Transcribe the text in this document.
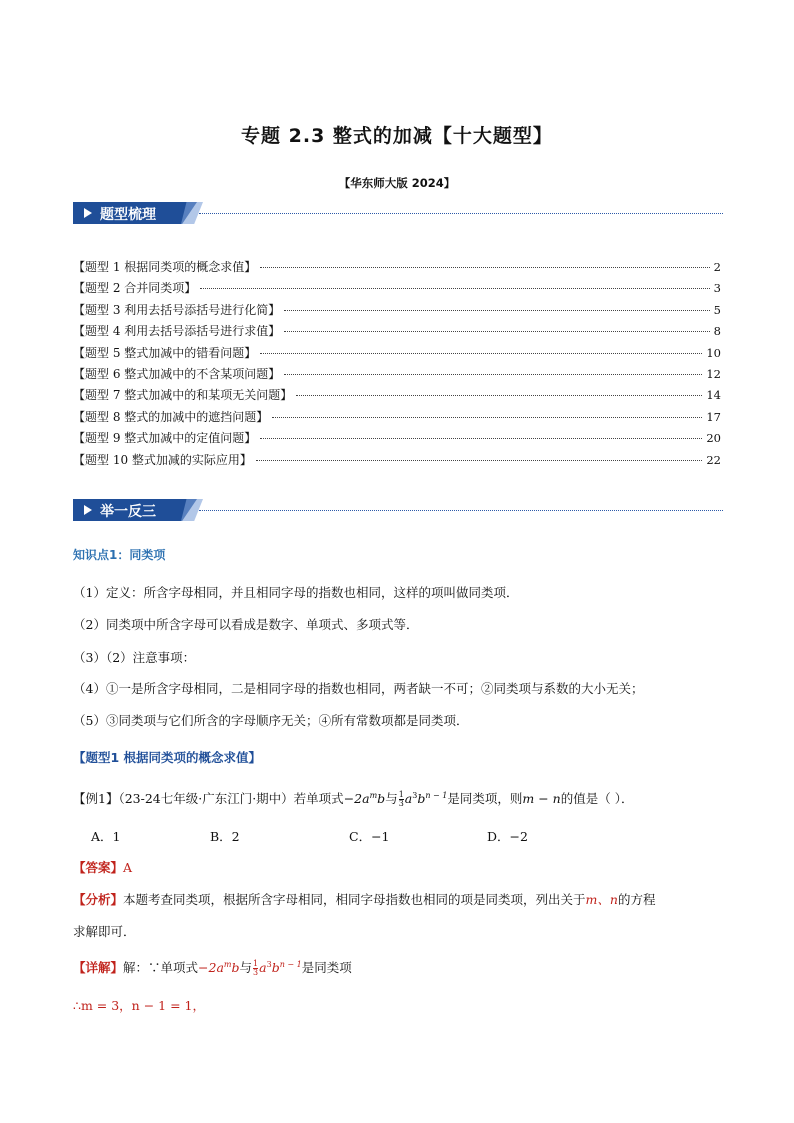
专题 2.3 整式的加减【十大题型】
【华东师大版 2024】
题型梳理
【题型 1 根据同类项的概念求值】	2
【题型 2 合并同类项】	3
【题型 3 利用去括号添括号进行化简】	5
【题型 4 利用去括号添括号进行求值】	8
【题型 5 整式加减中的错看问题】	10
【题型 6 整式加减中的不含某项问题】	12
【题型 7 整式加减中的和某项无关问题】	14
【题型 8 整式的加减中的遮挡问题】	17
【题型 9 整式加减中的定值问题】	20
【题型 10 整式加减的实际应用】	22
举一反三
知识点1：同类项
（1）定义：所含字母相同，并且相同字母的指数也相同，这样的项叫做同类项．
（2）同类项中所含字母可以看成是数字、单项式、多项式等．
（3）（2）注意事项：
（4）①一是所含字母相同，二是相同字母的指数也相同，两者缺一不可；②同类项与系数的大小无关；
（5）③同类项与它们所含的字母顺序无关；④所有常数项都是同类项．
【题型1 根据同类项的概念求值】
【例1】（23-24七年级·广东江门·期中）若单项式$-2a^mb$与 $\frac{1}{3} a^3b^{n - 1}$是同类项，则m − n的值是（ ）．
A．1	B．2	C．−1	D．−2
【答案】A
【分析】本题考查同类项，根据所含字母相同，相同字母指数也相同的项是同类项，列出关于m、n的方程
求解即可．
【详解】解：∵单项式$-2a^mb$与 $\frac{1}{3} a^3b^{n - 1}$是同类项
∴m = 3，n − 1 = 1，
